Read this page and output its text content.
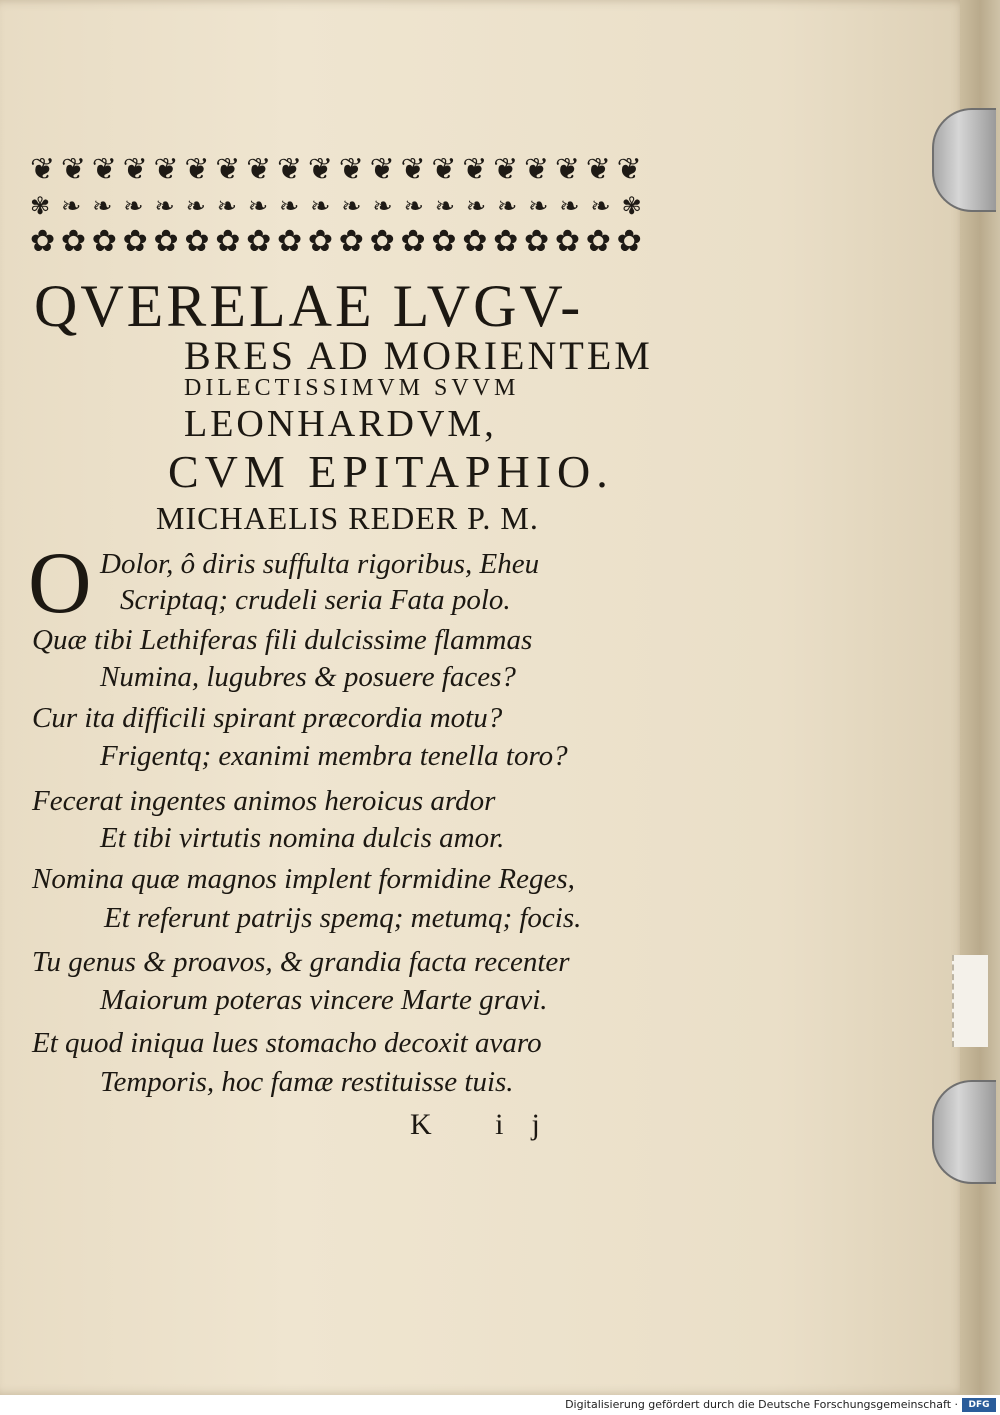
❦ ❦ ❦ ❦ ❦ ❦ ❦ ❦ ❦ ❦ ❦ ❦ ❦ ❦ ❦ ❦ ❦ ❦ ❦ ❦
✾ ❧ ❧ ❧ ❧ ❧ ❧ ❧ ❧ ❧ ❧ ❧ ❧ ❧ ❧ ❧ ❧ ❧ ❧ ✾
✿ ✿ ✿ ✿ ✿ ✿ ✿ ✿ ✿ ✿ ✿ ✿ ✿ ✿ ✿ ✿ ✿ ✿ ✿ ✿
QVERELAE LVGV-
BRES AD MORIENTEM
DILECTISSIMVM SVVM
LEONHARDVM,
CVM EPITAPHIO.
MICHAELIS REDER P. M.
O Dolor, ô diris suffulta rigoribus, Eheu
Scriptaq; crudeli seria Fata polo.
Quæ tibi Lethiferas fili dulcissime flammas
Numina, lugubres & posuere faces?
Cur ita difficili spirant præcordia motu?
Frigentq; exanimi membra tenella toro?
Fecerat ingentes animos heroicus ardor
Et tibi virtutis nomina dulcis amor.
Nomina quæ magnos implent formidine Reges,
Et referunt patrijs spemq; metumq; focis.
Tu genus & proavos, & grandia facta recenter
Maiorum poteras vincere Marte gravi.
Et quod iniqua lues stomacho decoxit avaro
Temporis, hoc famæ restituisse tuis.
K ij
Digitalisierung gefördert durch die Deutsche Forschungsgemeinschaft ·	DFG
